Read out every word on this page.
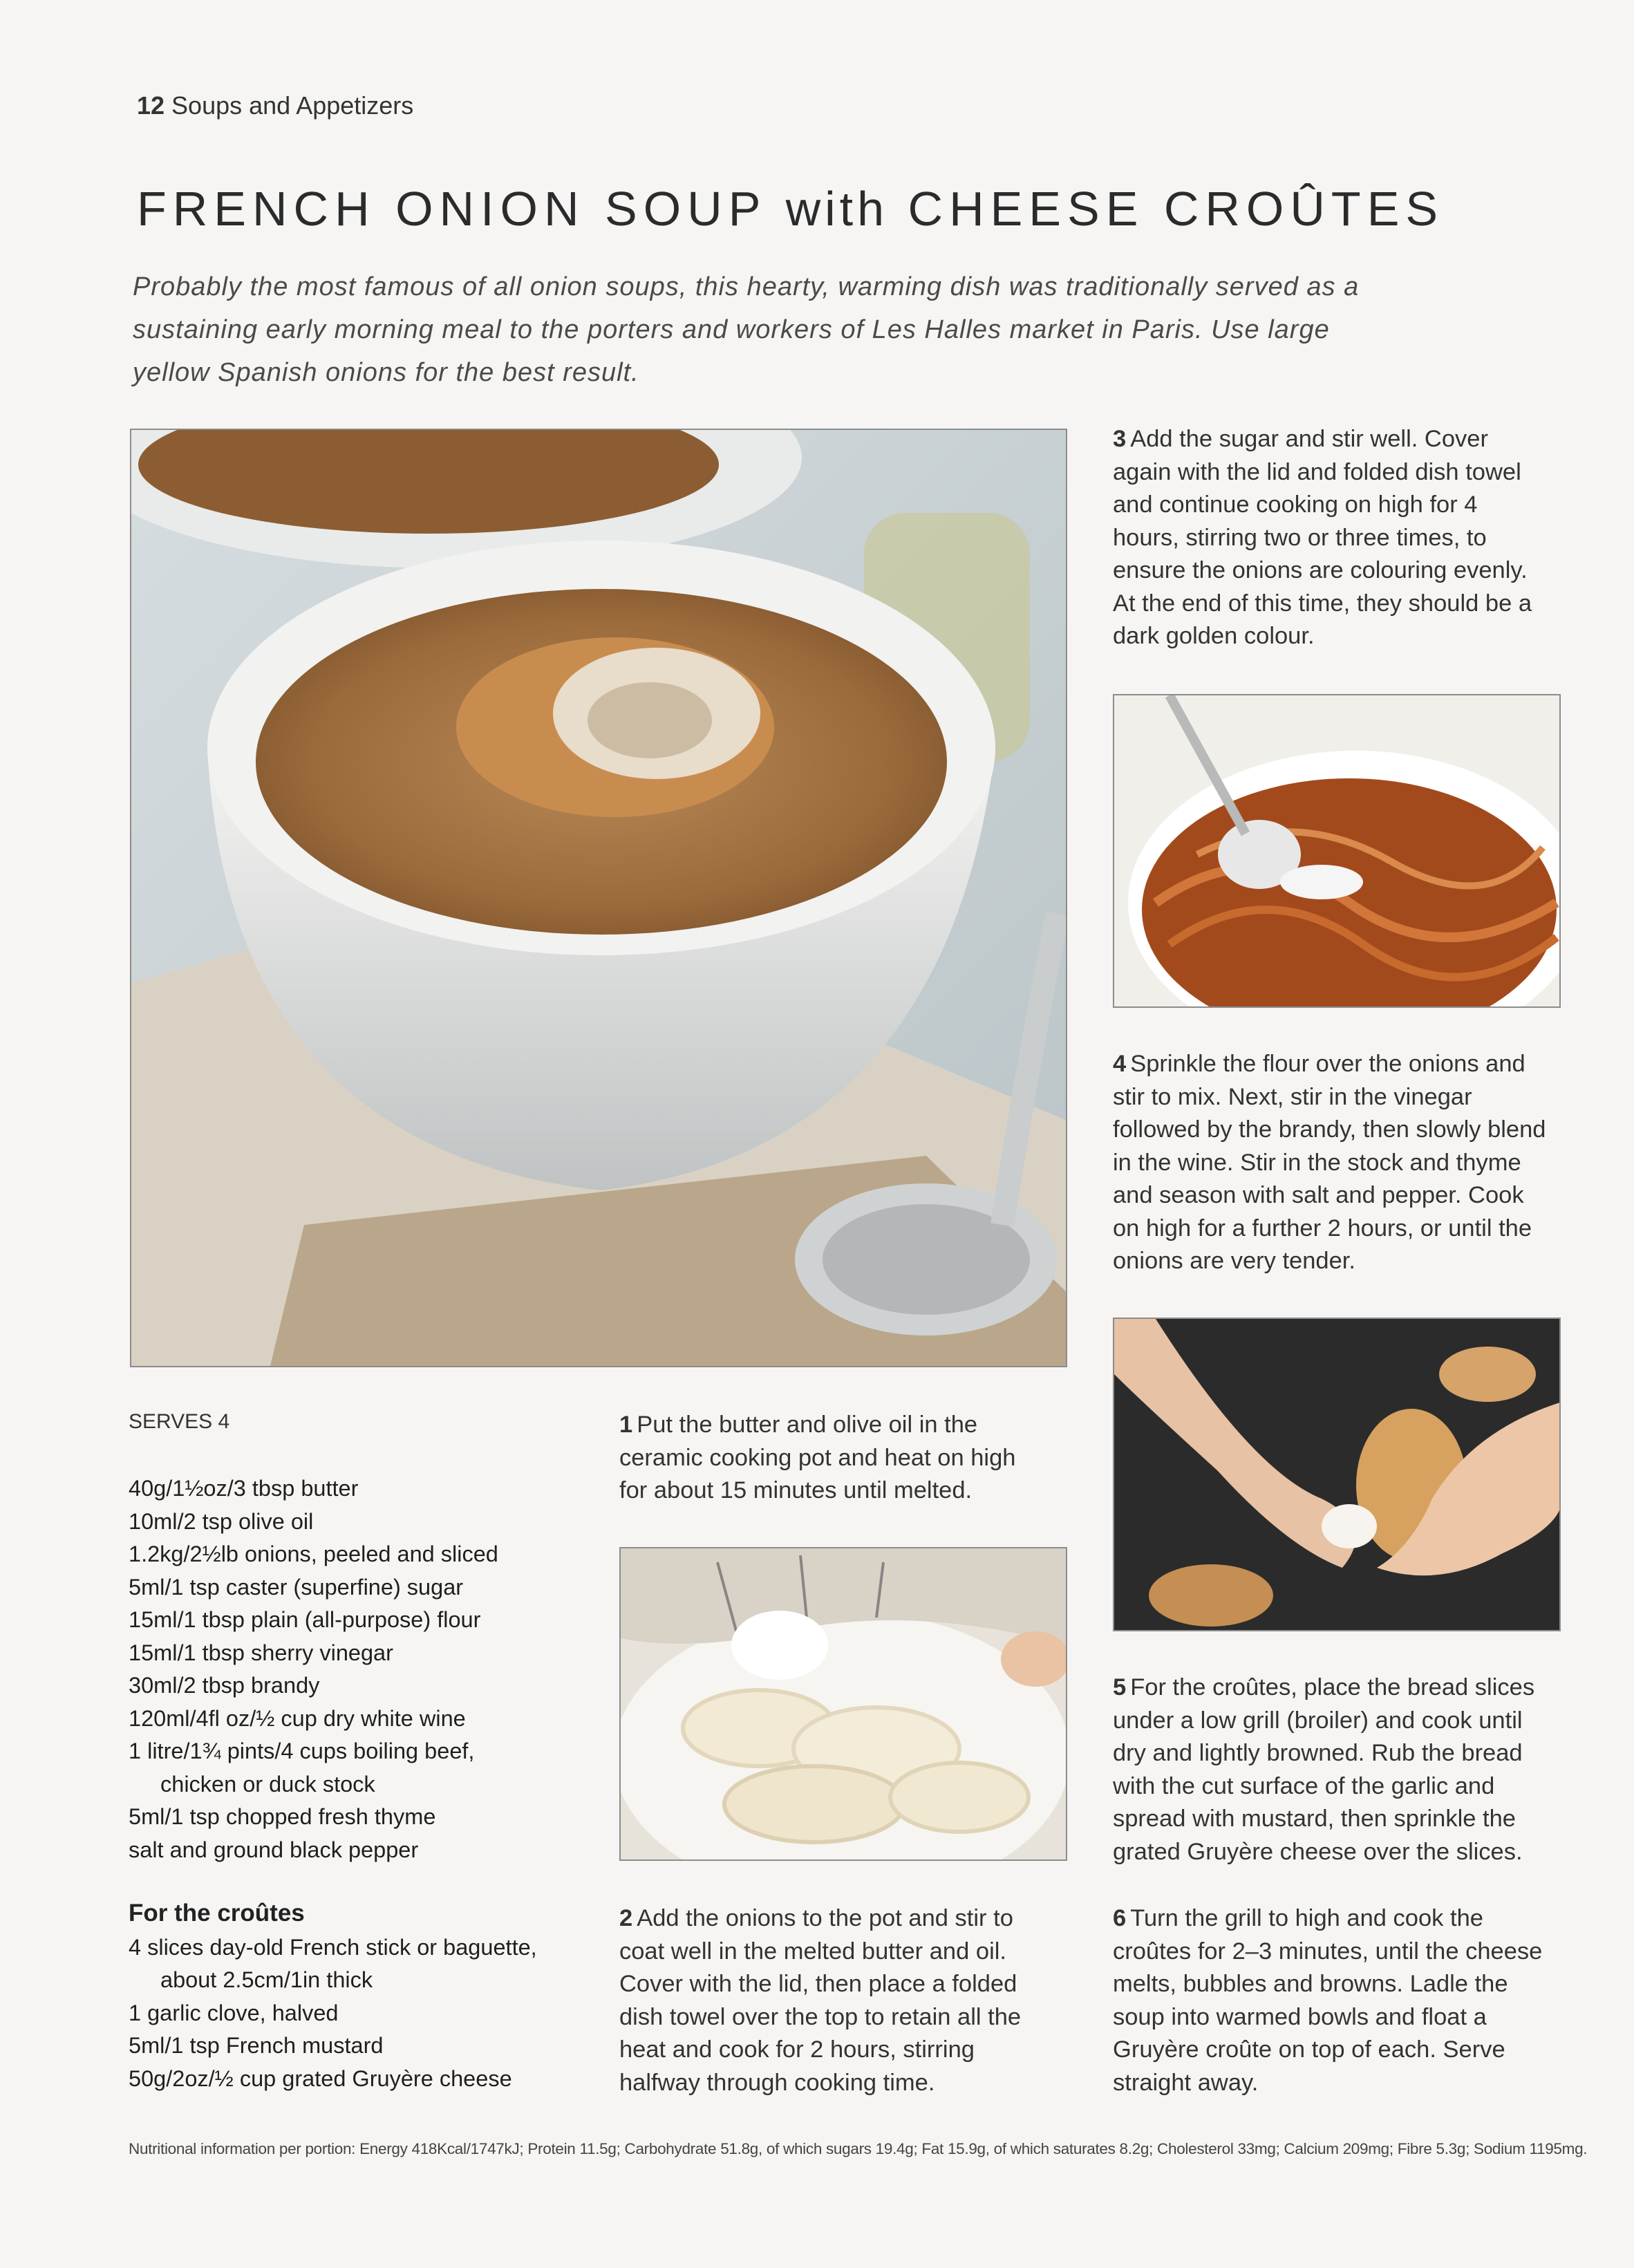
12 Soups and Appetizers
FRENCH ONION SOUP with CHEESE CROÛTES
Probably the most famous of all onion soups, this hearty, warming dish was traditionally served as a sustaining early morning meal to the porters and workers of Les Halles market in Paris. Use large yellow Spanish onions for the best result.
3 Add the sugar and stir well. Cover again with the lid and folded dish towel and continue cooking on high for 4 hours, stirring two or three times, to ensure the onions are colouring evenly. At the end of this time, they should be a dark golden colour.
4 Sprinkle the flour over the onions and stir to mix. Next, stir in the vinegar followed by the brandy, then slowly blend in the wine. Stir in the stock and thyme and season with salt and pepper. Cook on high for a further 2 hours, or until the onions are very tender.
5 For the croûtes, place the bread slices under a low grill (broiler) and cook until dry and lightly browned. Rub the bread with the cut surface of the garlic and spread with mustard, then sprinkle the grated Gruyère cheese over the slices.
6 Turn the grill to high and cook the croûtes for 2–3 minutes, until the cheese melts, bubbles and browns. Ladle the soup into warmed bowls and float a Gruyère croûte on top of each. Serve straight away.
1 Put the butter and olive oil in the ceramic cooking pot and heat on high for about 15 minutes until melted.
2 Add the onions to the pot and stir to coat well in the melted butter and oil. Cover with the lid, then place a folded dish towel over the top to retain all the heat and cook for 2 hours, stirring halfway through cooking time.
SERVES 4
40g/1½oz/3 tbsp butter
10ml/2 tsp olive oil
1.2kg/2½lb onions, peeled and sliced
5ml/1 tsp caster (superfine) sugar
15ml/1 tbsp plain (all-purpose) flour
15ml/1 tbsp sherry vinegar
30ml/2 tbsp brandy
120ml/4fl oz/½ cup dry white wine
1 litre/1¾ pints/4 cups boiling beef,
chicken or duck stock
5ml/1 tsp chopped fresh thyme
salt and ground black pepper
For the croûtes
4 slices day-old French stick or baguette,
about 2.5cm/1in thick
1 garlic clove, halved
5ml/1 tsp French mustard
50g/2oz/½ cup grated Gruyère cheese
Nutritional information per portion: Energy 418Kcal/1747kJ; Protein 11.5g; Carbohydrate 51.8g, of which sugars 19.4g; Fat 15.9g, of which saturates 8.2g; Cholesterol 33mg; Calcium 209mg; Fibre 5.3g; Sodium 1195mg.
